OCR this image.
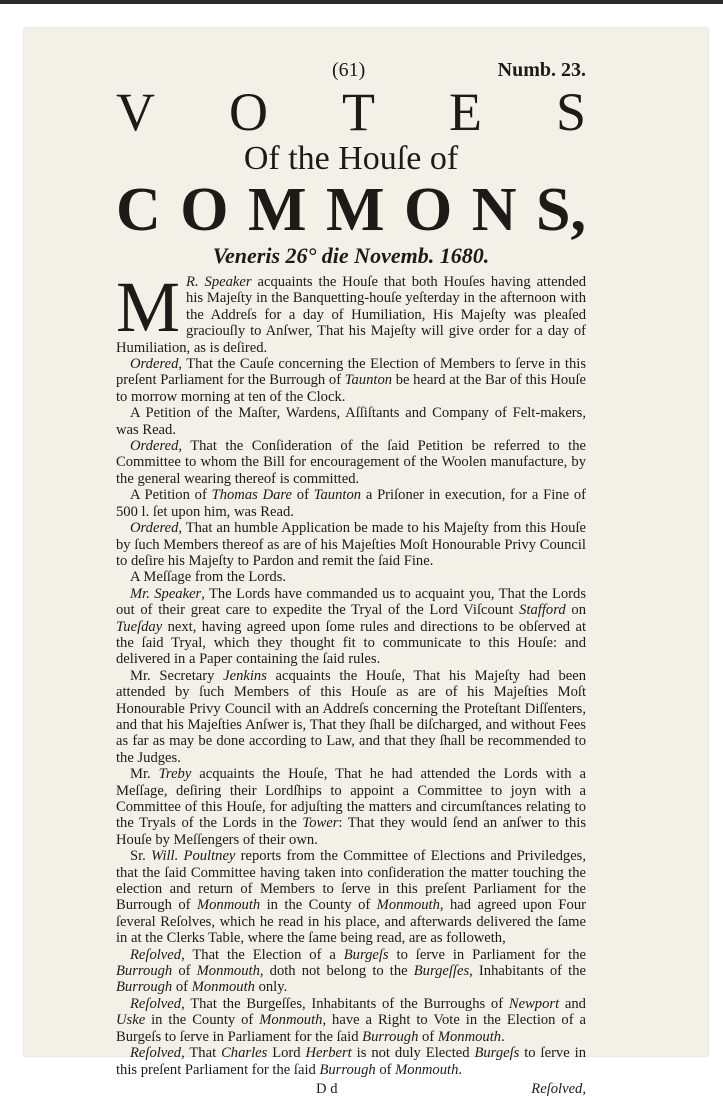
(61)	Numb. 23.
V O T E S
Of the Houſe of
C O M M O N S,
Veneris 26° die Novemb. 1680.

M R. Speaker acquaints the Houſe that both Houſes having attended his Majeſty in the Banquetting-houſe yeſterday in the afternoon with the Addreſs for a day of Humiliation, His Majeſty was pleaſed graciouſly to Anſwer, That his Majeſty will give order for a day of Humiliation, as is deſired.

Ordered, That the Cauſe concerning the Election of Members to ſerve in this preſent Parliament for the Burrough of Taunton be heard at the Bar of this Houſe to morrow morning at ten of the Clock.

A Petition of the Maſter, Wardens, Aſſiſtants and Company of Felt-makers, was Read.

Ordered, That the Conſideration of the ſaid Petition be referred to the Committee to whom the Bill for encouragement of the Woolen manufacture, by the general wearing thereof is committed.

A Petition of Thomas Dare of Taunton a Priſoner in execution, for a Fine of 500 l. ſet upon him, was Read.

Ordered, That an humble Application be made to his Majeſty from this Houſe by ſuch Members thereof as are of his Majeſties Moſt Honourable Privy Council to deſire his Majeſty to Pardon and remit the ſaid Fine.

A Meſſage from the Lords.

Mr. Speaker, The Lords have commanded us to acquaint you, That the Lords out of their great care to expedite the Tryal of the Lord Viſcount Stafford on Tueſday next, having agreed upon ſome rules and directions to be obſerved at the ſaid Tryal, which they thought fit to communicate to this Houſe: and delivered in a Paper containing the ſaid rules.

Mr. Secretary Jenkins acquaints the Houſe, That his Majeſty had been attended by ſuch Members of this Houſe as are of his Majeſties Moſt Honourable Privy Council with an Addreſs concerning the Proteſtant Diſſenters, and that his Majeſties Anſwer is, That they ſhall be diſcharged, and without Fees as far as may be done according to Law, and that they ſhall be recommended to the Judges.

Mr. Treby acquaints the Houſe, That he had attended the Lords with a Meſſage, deſiring their Lordſhips to appoint a Committee to joyn with a Committee of this Houſe, for adjuſting the matters and circumſtances relating to the Tryals of the Lords in the Tower: That they would ſend an anſwer to this Houſe by Meſſengers of their own.

Sr. Will. Poultney reports from the Committee of Elections and Priviledges, that the ſaid Committee having taken into conſideration the matter touching the election and return of Members to ſerve in this preſent Parliament for the Burrough of Monmouth in the County of Monmouth, had agreed upon Four ſeveral Reſolves, which he read in his place, and afterwards delivered the ſame in at the Clerks Table, where the ſame being read, are as followeth,

Reſolved, That the Election of a Burgeſs to ſerve in Parliament for the Burrough of Monmouth, doth not belong to the Burgeſſes, Inhabitants of the Burrough of Monmouth only.

Reſolved, That the Burgeſſes, Inhabitants of the Burroughs of Newport and Uske in the County of Monmouth, have a Right to Vote in the Election of a Burgeſs to ſerve in Parliament for the ſaid Burrough of Monmouth.

Reſolved, That Charles Lord Herbert is not duly Elected Burgeſs to ſerve in this preſent Parliament for the ſaid Burrough of Monmouth.

D d	Reſolved,
